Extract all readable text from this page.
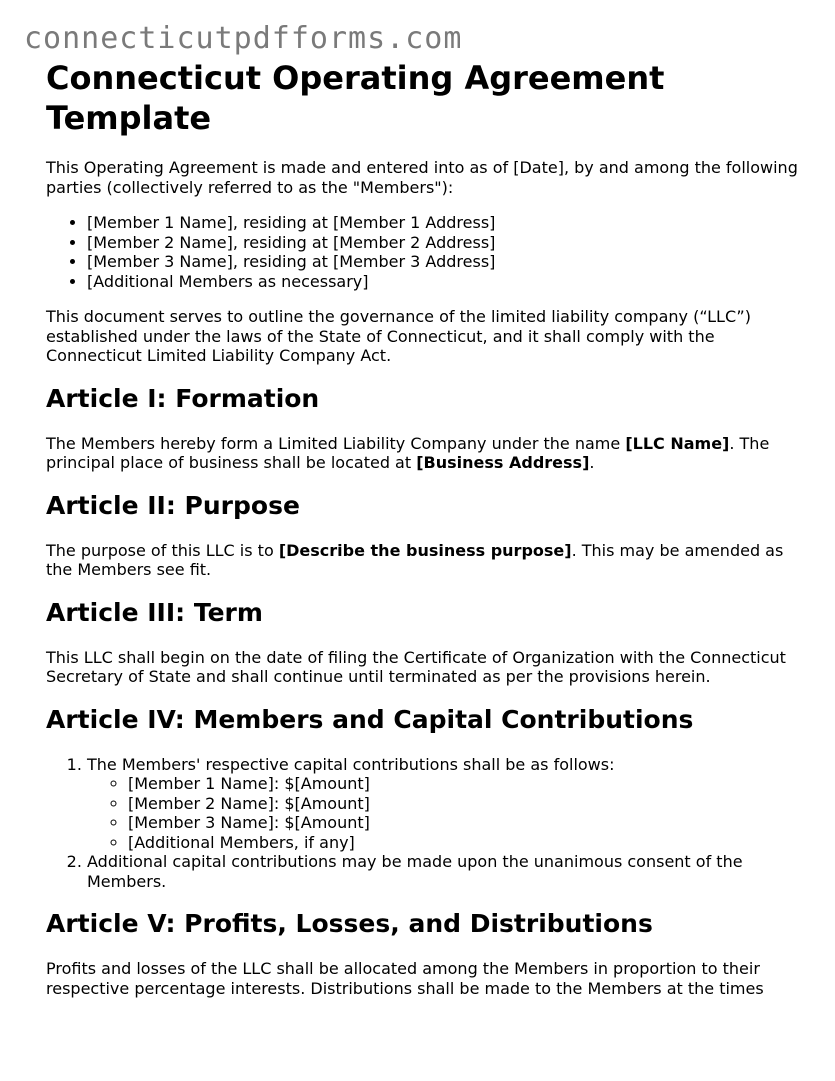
connecticutpdfforms.com
Connecticut Operating Agreement Template

This Operating Agreement is made and entered into as of [Date], by and among the following parties (collectively referred to as the "Members"):

• [Member 1 Name], residing at [Member 1 Address]
• [Member 2 Name], residing at [Member 2 Address]
• [Member 3 Name], residing at [Member 3 Address]
• [Additional Members as necessary]

This document serves to outline the governance of the limited liability company (“LLC”) established under the laws of the State of Connecticut, and it shall comply with the Connecticut Limited Liability Company Act.

Article I: Formation

The Members hereby form a Limited Liability Company under the name [LLC Name]. The principal place of business shall be located at [Business Address].

Article II: Purpose

The purpose of this LLC is to [Describe the business purpose]. This may be amended as the Members see fit.

Article III: Term

This LLC shall begin on the date of filing the Certificate of Organization with the Connecticut Secretary of State and shall continue until terminated as per the provisions herein.

Article IV: Members and Capital Contributions
1. The Members' respective capital contributions shall be as follows:
◦ [Member 1 Name]: $[Amount]
◦ [Member 2 Name]: $[Amount]
◦ [Member 3 Name]: $[Amount]
◦ [Additional Members, if any]
2. Additional capital contributions may be made upon the unanimous consent of the Members.
Article V: Profits, Losses, and Distributions

Profits and losses of the LLC shall be allocated among the Members in proportion to their respective percentage interests. Distributions shall be made to the Members at the times
